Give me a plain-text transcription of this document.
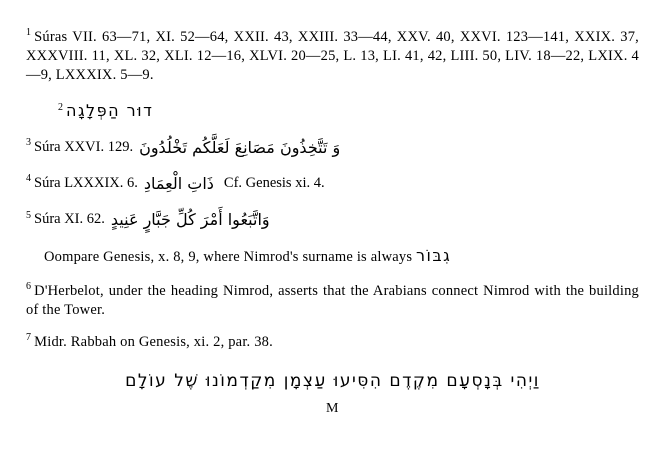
$^1$ Súras VII. 63—71, XI. 52—64, XXII. 43, XXIII. 33—44, XXV. 40, XXVI. 123—141, XXIX. 37, XXXVIII. 11, XL. 32, XLI. 12—16, XLVI. 20—25, L. 13, LI. 41, 42, LIII. 50, LIV. 18—22, LXIX. 4—9, LXXXIX. 5—9.

$^2$ דוּר הַפְּלָגָה
$^3$ Súra XXVI. 129. وَ تَتَّخِذُونَ مَصَانِعَ لَعَلَّكُم تَخْلُدُونَ
$^4$ Súra LXXXIX. 6. ذَاتِ الْعِمَادِ Cf. Genesis xi. 4.
$^5$ Súra XI. 62. وَاتَّبَعُوا أَمْرَ كُلِّ جَبَّارٍ عَنِيدٍ

Oompare Genesis, x. 8, 9, where Nimrod's surname is always גִבּוֹר

$^6$ D'Herbelot, under the heading Nimrod, asserts that the Arabians connect Nimrod with the building of the Tower.

$^7$ Midr. Rabbah on Genesis, xi. 2, par. 38.

וַיְהִי בְּנָסְעָם מִקֶדֶם הִסִּיעוּ עַצְמָן מִקַדְמוֹנוּ שֶׁל עוֹלָם
M
